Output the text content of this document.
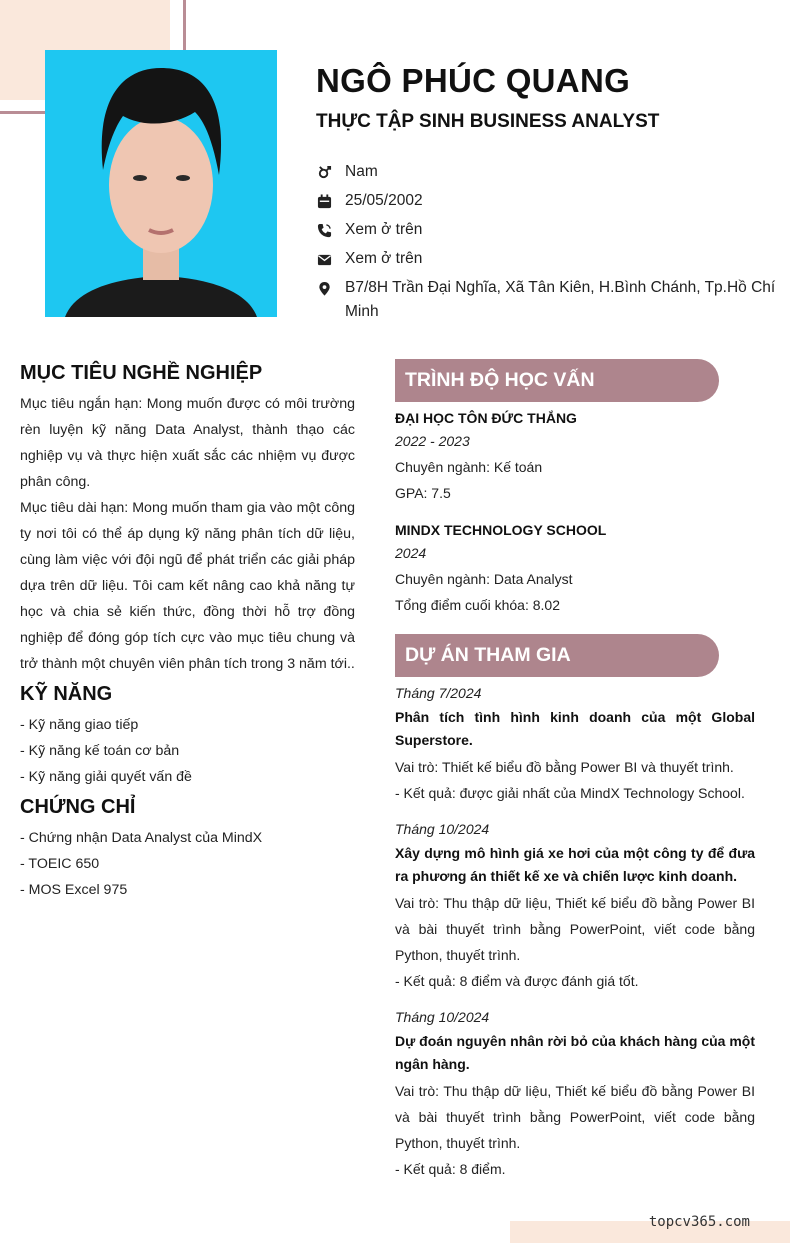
NGÔ PHÚC QUANG
THỰC TẬP SINH BUSINESS ANALYST
Nam
25/05/2002
Xem ở trên
Xem ở trên
B7/8H Trần Đại Nghĩa, Xã Tân Kiên, H.Bình Chánh, Tp.Hồ Chí Minh
MỤC TIÊU NGHỀ NGHIỆP

Mục tiêu ngắn hạn: Mong muốn được có môi trường rèn luyện kỹ năng Data Analyst, thành thạo các nghiệp vụ và thực hiện xuất sắc các nhiệm vụ được phân công.

Mục tiêu dài hạn: Mong muốn tham gia vào một công ty nơi tôi có thể áp dụng kỹ năng phân tích dữ liệu, cùng làm việc với đội ngũ để phát triển các giải pháp dựa trên dữ liệu. Tôi cam kết nâng cao khả năng tự học và chia sẻ kiến thức, đồng thời hỗ trợ đồng nghiệp để đóng góp tích cực vào mục tiêu chung và trở thành một chuyên viên phân tích trong 3 năm tới..

KỸ NĂNG

- Kỹ năng giao tiếp

- Kỹ năng kế toán cơ bản

- Kỹ năng giải quyết vấn đề

CHỨNG CHỈ

- Chứng nhận Data Analyst của MindX

- TOEIC 650

- MOS Excel 975

TRÌNH ĐỘ HỌC VẤN

ĐẠI HỌC TÔN ĐỨC THẮNG

2022 - 2023

Chuyên ngành: Kế toán

GPA: 7.5

MINDX TECHNOLOGY SCHOOL

2024

Chuyên ngành: Data Analyst

Tổng điểm cuối khóa: 8.02

DỰ ÁN THAM GIA

Tháng 7/2024

Phân tích tình hình kinh doanh của một Global Superstore.

Vai trò: Thiết kế biểu đồ bằng Power BI và thuyết trình.

- Kết quả: được giải nhất của MindX Technology School.

Tháng 10/2024

Xây dựng mô hình giá xe hơi của một công ty để đưa ra phương án thiết kế xe và chiến lược kinh doanh.

Vai trò: Thu thập dữ liệu, Thiết kế biểu đồ bằng Power BI và bài thuyết trình bằng PowerPoint, viết code bằng Python, thuyết trình.

- Kết quả: 8 điểm và được đánh giá tốt.

Tháng 10/2024

Dự đoán nguyên nhân rời bỏ của khách hàng của một ngân hàng.

Vai trò: Thu thập dữ liệu, Thiết kế biểu đồ bằng Power BI và bài thuyết trình bằng PowerPoint, viết code bằng Python, thuyết trình.

- Kết quả: 8 điểm.

topcv365.com
